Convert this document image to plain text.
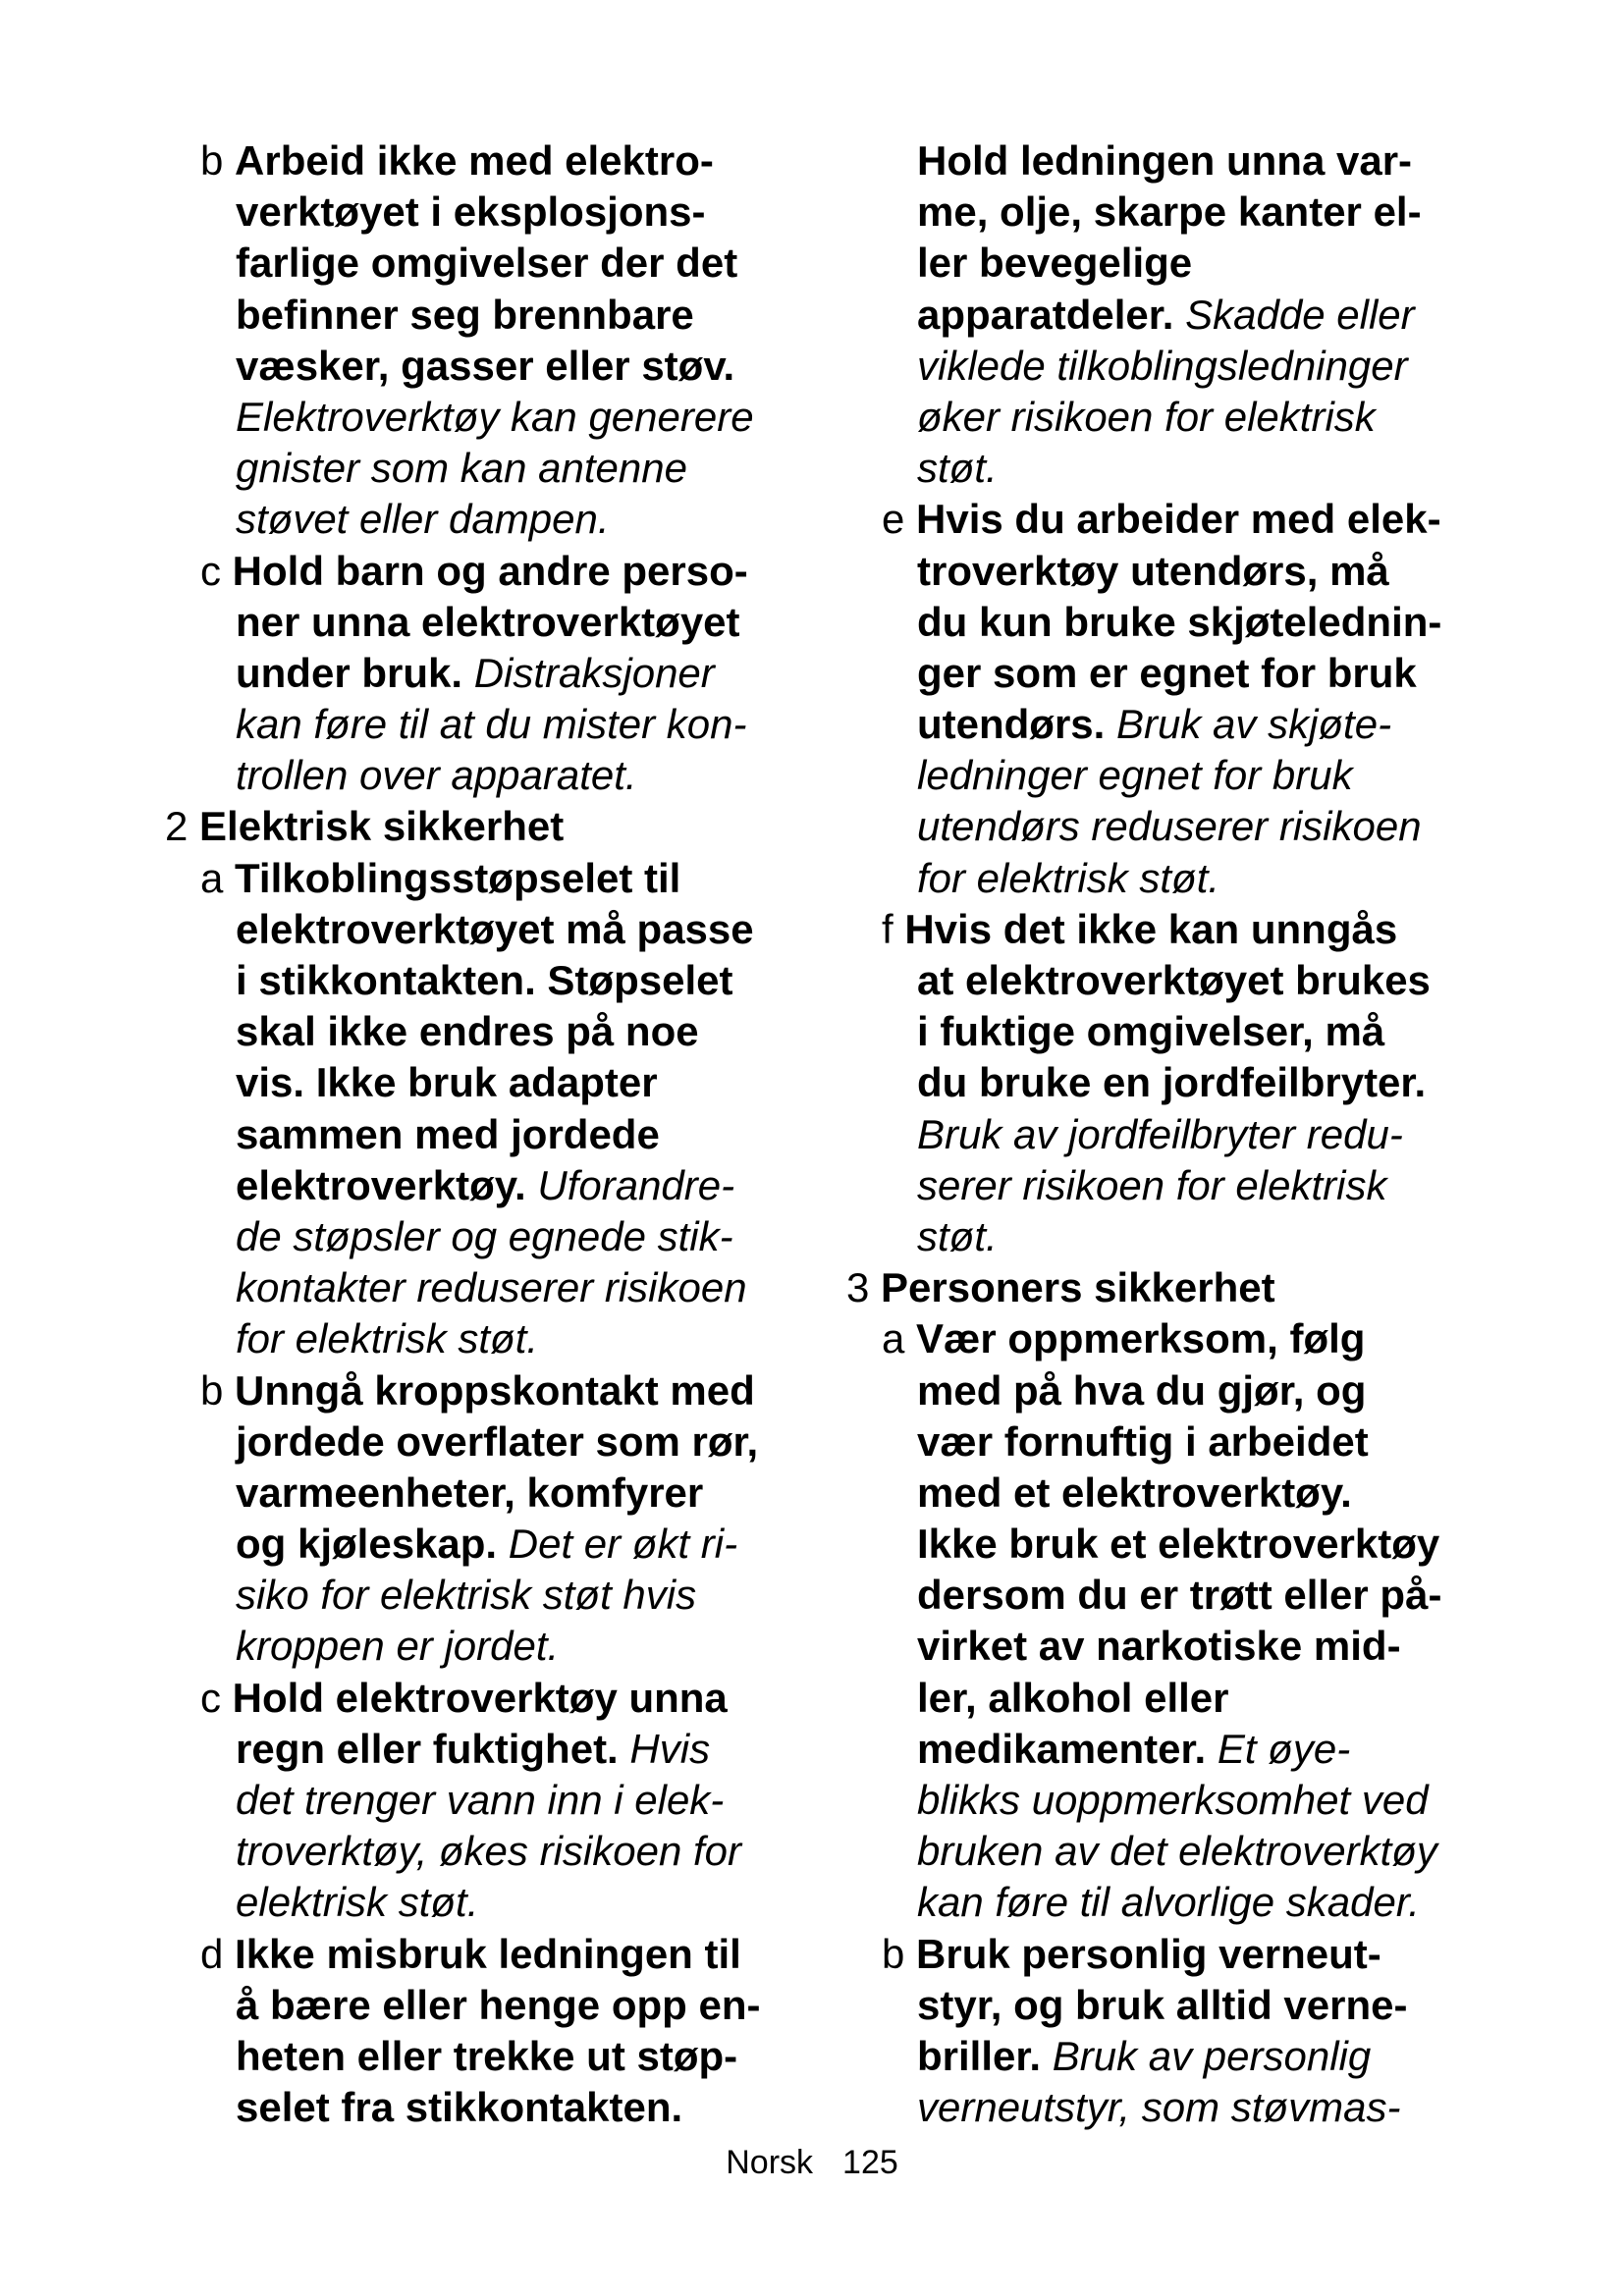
b Arbeid ikke med elektro-
verktøyet i eksplosjons-
farlige omgivelser der det
befinner seg brennbare
væsker, gasser eller støv.
Elektroverktøy kan generere
gnister som kan antenne
støvet eller dampen.
c Hold barn og andre perso-
ner unna elektroverktøyet
under bruk. Distraksjoner
kan føre til at du mister kon-
trollen over apparatet.
2 Elektrisk sikkerhet
a Tilkoblingsstøpselet til
elektroverktøyet må passe
i stikkontakten. Støpselet
skal ikke endres på noe
vis. Ikke bruk adapter
sammen med jordede
elektroverktøy. Uforandre-
de støpsler og egnede stik-
kontakter reduserer risikoen
for elektrisk støt.
b Unngå kroppskontakt med
jordede overflater som rør,
varmeenheter, komfyrer
og kjøleskap. Det er økt ri-
siko for elektrisk støt hvis
kroppen er jordet.
c Hold elektroverktøy unna
regn eller fuktighet. Hvis
det trenger vann inn i elek-
troverktøy, økes risikoen for
elektrisk støt.
d Ikke misbruk ledningen til
å bære eller henge opp en-
heten eller trekke ut støp-
selet fra stikkontakten.
Hold ledningen unna var-
me, olje, skarpe kanter el-
ler bevegelige
apparatdeler. Skadde eller
viklede tilkoblingsledninger
øker risikoen for elektrisk
støt.
e Hvis du arbeider med elek-
troverktøy utendørs, må
du kun bruke skjøtelednin-
ger som er egnet for bruk
utendørs. Bruk av skjøte-
ledninger egnet for bruk
utendørs reduserer risikoen
for elektrisk støt.
f Hvis det ikke kan unngås
at elektroverktøyet brukes
i fuktige omgivelser, må
du bruke en jordfeilbryter.
Bruk av jordfeilbryter redu-
serer risikoen for elektrisk
støt.
3 Personers sikkerhet
a Vær oppmerksom, følg
med på hva du gjør, og
vær fornuftig i arbeidet
med et elektroverktøy.
Ikke bruk et elektroverktøy
dersom du er trøtt eller på-
virket av narkotiske mid-
ler, alkohol eller
medikamenter. Et øye-
blikks uoppmerksomhet ved
bruken av det elektroverktøy
kan føre til alvorlige skader.
b Bruk personlig verneut-
styr, og bruk alltid verne-
briller. Bruk av personlig
verneutstyr, som støvmas-
Norsk 125
